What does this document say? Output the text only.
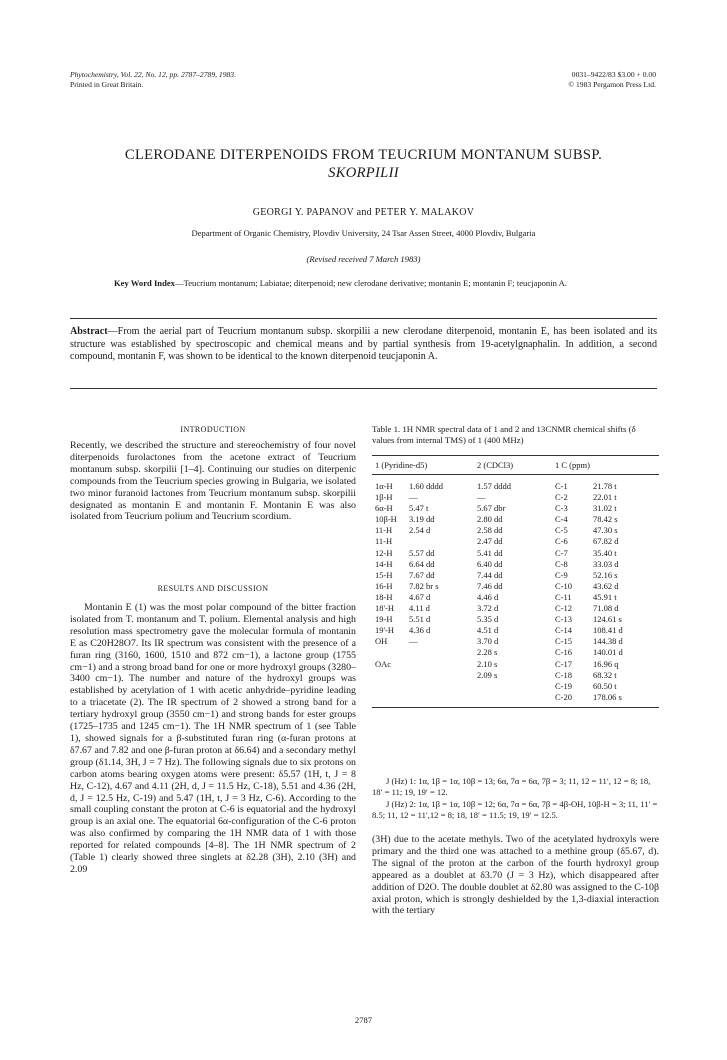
Phytochemistry, Vol. 22, No. 12, pp. 2787–2789, 1983.
Printed in Great Britain.
0031–9422/83 $3.00 + 0.00
© 1983 Pergamon Press Ltd.
CLERODANE DITERPENOIDS FROM TEUCRIUM MONTANUM SUBSP.
SKORPILII
GEORGI Y. PAPANOV and PETER Y. MALAKOV
Department of Organic Chemistry, Plovdiv University, 24 Tsar Assen Street, 4000 Plovdiv, Bulgaria
(Revised received 7 March 1983)
Key Word Index—Teucrium montanum; Labiatae; diterpenoid; new clerodane derivative; montanin E; montanin F; teucjaponin A.
Abstract—From the aerial part of Teucrium montanum subsp. skorpilii a new clerodane diterpenoid, montanin E, has been isolated and its structure was established by spectroscopic and chemical means and by partial synthesis from 19-acetylgnaphalin. In addition, a second compound, montanin F, was shown to be identical to the known diterpenoid teucjaponin A.
INTRODUCTION

Recently, we described the structure and stereochemistry of four novel diterpenoids furolactones from the acetone extract of Teucrium montanum subsp. skorpilii [1–4]. Continuing our studies on diterpenic compounds from the Teucrium species growing in Bulgaria, we isolated two minor furanoid lactones from Teucrium montanum subsp. skorpilii designated as montanin E and montanin F. Montanin E was also isolated from Teucrium polium and Teucrium scordium.

RESULTS AND DISCUSSION

Montanin E (1) was the most polar compound of the bitter fraction isolated from T. montanum and T. polium. Elemental analysis and high resolution mass spectrometry gave the molecular formula of montanin E as C20H28O7. Its IR spectrum was consistent with the presence of a furan ring (3160, 1600, 1510 and 872 cm−1), a lactone group (1755 cm−1) and a strong broad band for one or more hydroxyl groups (3280–3400 cm−1). The number and nature of the hydroxyl groups was established by acetylation of 1 with acetic anhydride–pyridine leading to a triacetate (2). The IR spectrum of 2 showed a strong band for a tertiary hydroxyl group (3550 cm−1) and strong bands for ester groups (1725–1735 and 1245 cm−1). The 1H NMR spectrum of 1 (see Table 1), showed signals for a β-substituted furan ring (α-furan protons at δ7.67 and 7.82 and one β-furan proton at δ6.64) and a secondary methyl group (δ1.14, 3H, J = 7 Hz). The following signals due to six protons on carbon atoms bearing oxygen atoms were present: δ5.57 (1H, t, J = 8 Hz, C-12), 4.67 and 4.11 (2H, d, J = 11.5 Hz, C-18), 5.51 and 4.36 (2H, d, J = 12.5 Hz, C-19) and 5.47 (1H, t, J = 3 Hz, C-6). According to the small coupling constant the proton at C-6 is equatorial and the hydroxyl group is an axial one. The equatorial 6α-configuration of the C-6 proton was also confirmed by comparing the 1H NMR data of 1 with those reported for related compounds [4–8]. The 1H NMR spectrum of 2 (Table 1) clearly showed three singlets at δ2.28 (3H), 2.10 (3H) and 2.09

Table 1. 1H NMR spectral data of 1 and 2 and 13CNMR chemical shifts (δ values from internal TMS) of 1 (400 MHz)
1 (Pyridine-d5)	2 (CDCl3)	1 C (ppm)
1α-H	1.60 dddd	1.57 dddd	C-1	21.78 t
1β-H	—	—	C-2	22.01 t
6α-H	5.47 t	5.67 dbr	C-3	31.02 t
10β-H	3.19 dd	2.80 dd	C-4	78.42 s
11-H	2.54 d	2.58 dd	C-5	47.30 s
11-H		2.47 dd	C-6	67.82 d
12-H	5.57 dd	5.41 dd	C-7	35.40 t
14-H	6.64 dd	6.40 dd	C-8	33.03 d
15-H	7.67 dd	7.44 dd	C-9	52.16 s
16-H	7.82 br s	7.46 dd	C-10	43.62 d
18-H	4.67 d	4.46 d	C-11	45.91 t
18'-H	4.11 d	3.72 d	C-12	71.08 d
19-H	5.51 d	5.35 d	C-13	124.61 s
19'-H	4.36 d	4.51 d	C-14	108.41 d
OH	—	3.70 d	C-15	144.38 d
		2.28 s	C-16	140.01 d
OAc		2.10 s	C-17	16.96 q
		2.09 s	C-18	68.32 t
			C-19	60.50 t
			C-20	178.06 s

J (Hz) 1: 1α, 1β = 1α, 10β = 13; 6α, 7α = 6α, 7β = 3; 11, 12 = 11′, 12 = 8; 18, 18′ = 11; 19, 19′ = 12.

J (Hz) 2: 1α, 1β = 1α, 10β = 12; 6α, 7α = 6α, 7β = 4β-OH, 10β-H = 3; 11, 11′ = 8.5; 11, 12 = 11′,12 = 8; 18, 18′ = 11.5; 19, 19′ = 12.5.

(3H) due to the acetate methyls. Two of the acetylated hydroxyls were primary and the third one was attached to a methine group (δ5.67, d). The signal of the proton at the carbon of the fourth hydroxyl group appeared as a doublet at δ3.70 (J = 3 Hz), which disappeared after addition of D2O. The double doublet at δ2.80 was assigned to the C-10β axial proton, which is strongly deshielded by the 1,3-diaxial interaction with the tertiary

2787
